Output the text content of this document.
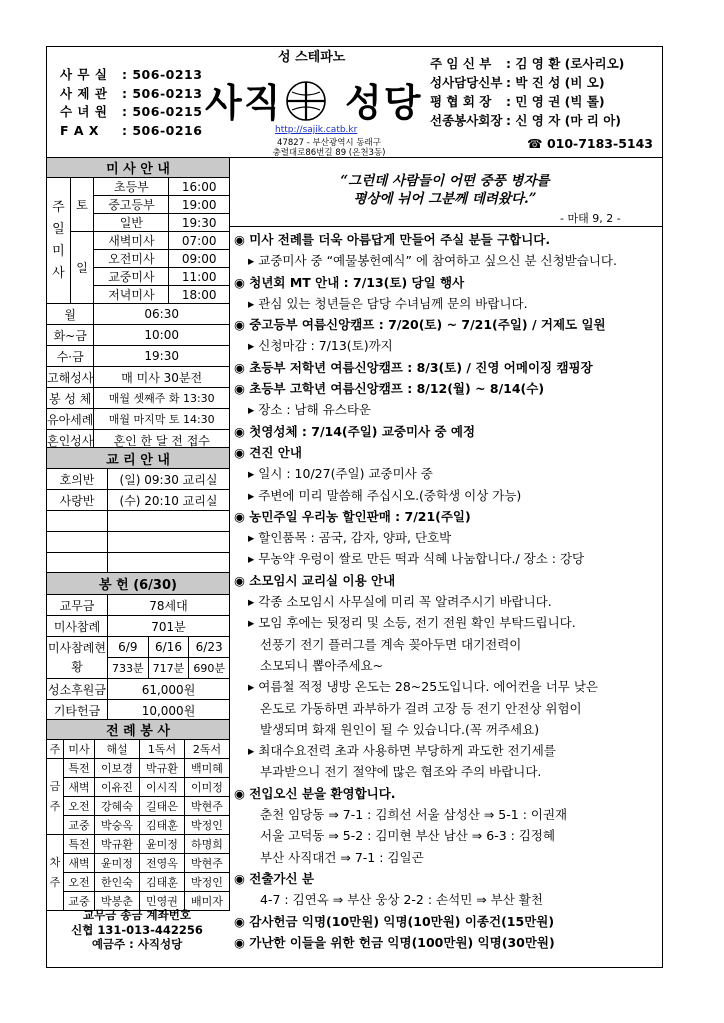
사 무 실	: 506-0213
사 제 관	: 506-0213
수 녀 원	: 506-0215
F A X	: 506-0216
성 스테파노
사직 성당
http://sajik.catb.kr
47827 - 부산광역시 동래구
충렬대로86번길 89 (온천3동)
주 임 신 부	: 김 영 환 (로사리오)
성사담당신부 : 박 진 성 (비 오)
평 협 회 장	: 민 영 권 (빅 톨)
선종봉사회장 : 신 영 자 (마 리 아)
☎ 010-7183-5143
미 사 안 내			
주일미사	토	초등부	16:00
		중고등부	19:00
		일반	19:30
	일	새벽미사	07:00
		오전미사	09:00
		교중미사	11:00
		저녁미사	18:00
월		06:30	
화~금		10:00	
수·금		19:30	
고해성사		매 미사 30분전	
봉 성 체		매월 셋째주 화 13:30	
유아세례		매월 마지막 토 14:30	
혼인성사		혼인 한 달 전 접수	
교 리 안 내	
호의반	(일) 09:30 교리실
사랑반	(수) 20:10 교리실

봉 헌 (6/30)			
교무금	78세대		
미사참례	701분		
미사참례현황	6/9	6/16	6/23
	733분	717분	690분
성소후원금	61,000원		
기타헌금	10,000원		
전 례 봉 사				
주	미사	해설	1독서	2독서
금주	특전	이보경	박규환	백미혜
	새벽	이유진	이시직	이미정
	오전	강혜숙	길태은	박현주
	교중	박숭옥	김태훈	박정인
차주	특전	박규환	윤미정	하명희
	새벽	윤미정	전영옥	박현주
	오전	한인숙	김태훈	박정인
	교중	박봉춘	민영권	배미자
교무금 송금 계좌번호
신협 131-013-442256
예금주 : 사직성당
“그런데 사람들이 어떤 중풍 병자를
평상에 뉘어 그분께 데려왔다.”
- 마태 9, 2 -
◉ 미사 전례를 더욱 아름답게 만들어 주실 분들 구합니다.
▸ 교중미사 중 “예물봉헌예식” 에 참여하고 싶으신 분 신청받습니다.
◉ 청년회 MT 안내 : 7/13(토) 당일 행사
▸ 관심 있는 청년들은 담당 수녀님께 문의 바랍니다.
◉ 중고등부 여름신앙캠프 : 7/20(토) ~ 7/21(주일) / 거제도 일원
▸ 신청마감 : 7/13(토)까지
◉ 초등부 저학년 여름신앙캠프 : 8/3(토) / 진영 어메이징 캠핑장
◉ 초등부 고학년 여름신앙캠프 : 8/12(월) ~ 8/14(수)
▸ 장소 : 남해 유스타운
◉ 첫영성체 : 7/14(주일) 교중미사 중 예정
◉ 견진 안내
▸ 일시 : 10/27(주일) 교중미사 중
▸ 주변에 미리 말씀해 주십시오.(중학생 이상 가능)
◉ 농민주일 우리농 할인판매 : 7/21(주일)
▸ 할인품목 : 곰국, 감자, 양파, 단호박
▸ 무농약 우렁이 쌀로 만든 떡과 식혜 나눔합니다./ 장소 : 강당
◉ 소모임시 교리실 이용 안내
▸ 각종 소모임시 사무실에 미리 꼭 알려주시기 바랍니다.
▸ 모임 후에는 뒷정리 및 소등, 전기 전원 확인 부탁드립니다.
선풍기 전기 플러그를 계속 꽂아두면 대기전력이
소모되니 뽑아주세요~
▸ 여름철 적정 냉방 온도는 28~25도입니다. 에어컨을 너무 낮은
온도로 가동하면 과부하가 걸려 고장 등 전기 안전상 위험이
발생되며 화재 원인이 될 수 있습니다.(꼭 꺼주세요)
▸ 최대수요전력 초과 사용하면 부당하게 과도한 전기세를
부과받으니 전기 절약에 많은 협조와 주의 바랍니다.
◉ 전입오신 분을 환영합니다.
춘천 임당동 ⇒ 7-1 : 김희선 서울 삼성산 ⇒ 5-1 : 이권재
서울 고덕동 ⇒ 5-2 : 김미현 부산 남산 ⇒ 6-3 : 김정혜
부산 사직대건 ⇒ 7-1 : 김일곤
◉ 전출가신 분
4-7 : 김연옥 ⇒ 부산 웅상 2-2 : 손석민 ⇒ 부산 활천
◉ 감사헌금 익명(10만원) 익명(10만원) 이종건(15만원)
◉ 가난한 이들을 위한 헌금 익명(100만원) 익명(30만원)
